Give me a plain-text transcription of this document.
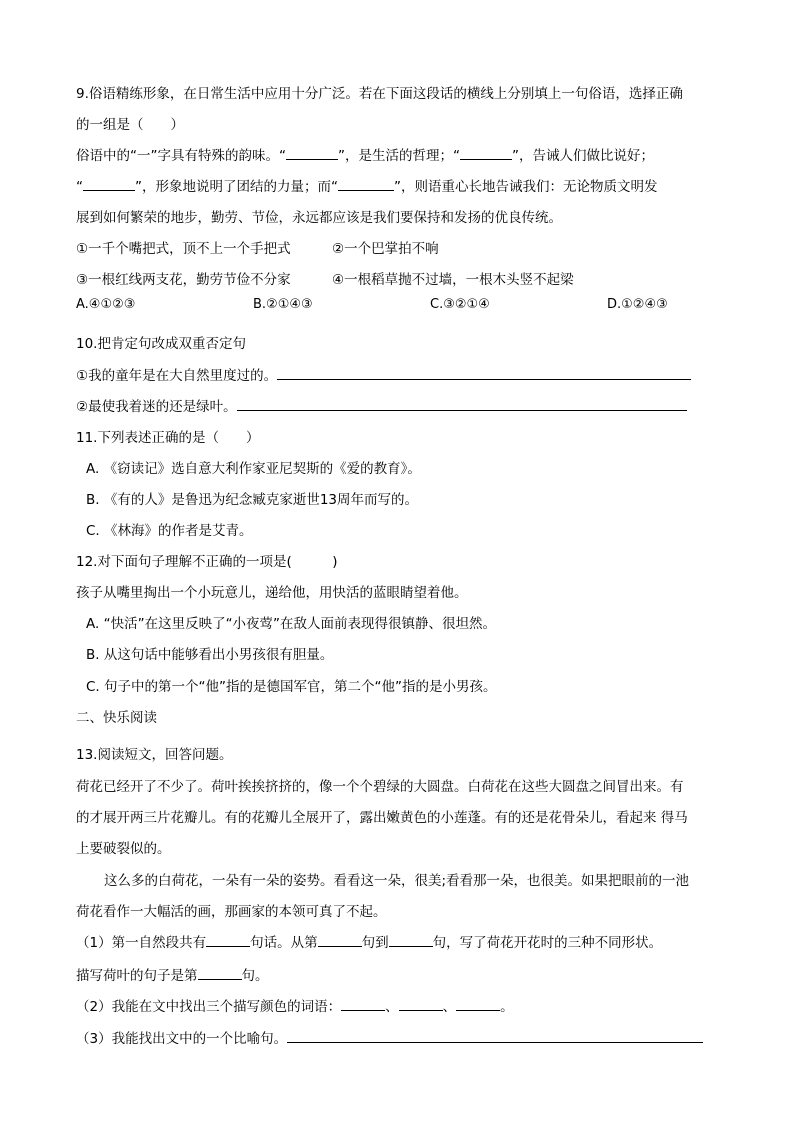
9.俗语精练形象，在日常生活中应用十分广泛。若在下面这段话的横线上分别填上一句俗语，选择正确
的一组是（　　）
俗语中的“一”字具有特殊的韵味。“	”，是生活的哲理；“	”，告诫人们做比说好；
“	”，形象地说明了团结的力量；而“	”，则语重心长地告诫我们：无论物质文明发
展到如何繁荣的地步，勤劳、节俭，永远都应该是我们要保持和发扬的优良传统。
①一千个嘴把式，顶不上一个手把式	②一个巴掌拍不响
③一根红线两支花，勤劳节俭不分家	④一根稻草抛不过墙，一根木头竖不起梁
A.④①②③	B.②①④③	C.③②①④	D.①②④③
10.把肯定句改成双重否定句
①我的童年是在大自然里度过的。
②最使我着迷的还是绿叶。
11.下列表述正确的是（　　）
A. 《窃读记》选自意大利作家亚尼契斯的《爱的教育》。
B. 《有的人》是鲁迅为纪念臧克家逝世13周年而写的。
C. 《林海》的作者是艾青。
12.对下面句子理解不正确的一项是(　　　)
孩子从嘴里掏出一个小玩意儿，递给他，用快活的蓝眼睛望着他。
A. “快活”在这里反映了“小夜莺”在敌人面前表现得很镇静、很坦然。
B. 从这句话中能够看出小男孩很有胆量。
C. 句子中的第一个“他”指的是德国军官，第二个“他”指的是小男孩。
二、快乐阅读
13.阅读短文，回答问题。
荷花已经开了不少了。荷叶挨挨挤挤的，像一个个碧绿的大圆盘。白荷花在这些大圆盘之间冒出来。有
的才展开两三片花瓣儿。有的花瓣儿全展开了，露出嫩黄色的小莲蓬。有的还是花骨朵儿，看起来 得马
上要破裂似的。
这么多的白荷花，一朵有一朵的姿势。看看这一朵，很美;看看那一朵，也很美。如果把眼前的一池
荷花看作一大幅活的画，那画家的本领可真了不起。
（1）第一自然段共有	句话。从第	句到	句，写了荷花开花时的三种不同形状。
描写荷叶的句子是第	句。
（2）我能在文中找出三个描写颜色的词语：	、	、	。
（3）我能找出文中的一个比喻句。
